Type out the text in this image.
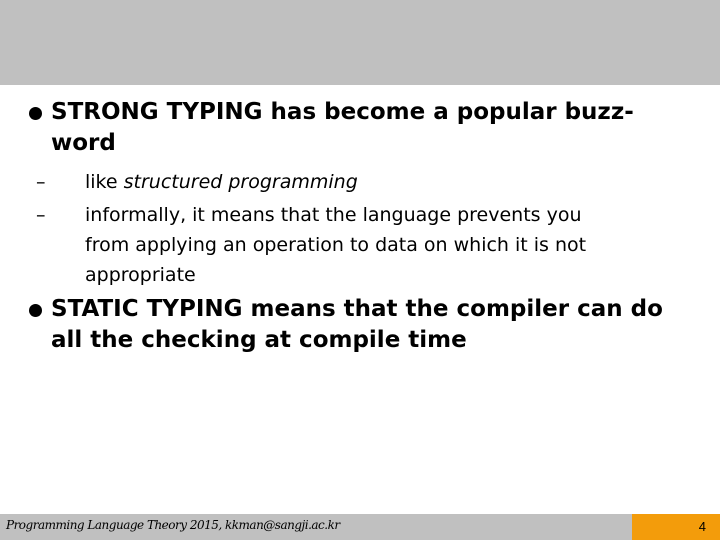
STRONG TYPING has become a popular buzz-
word
– like structured programming
– informally, it means that the language prevents you
from applying an operation to data on which it is not
appropriate
STATIC TYPING means that the compiler can do
all the checking at compile time
Programming Language Theory 2015, kkman@sangji.ac.kr	4
